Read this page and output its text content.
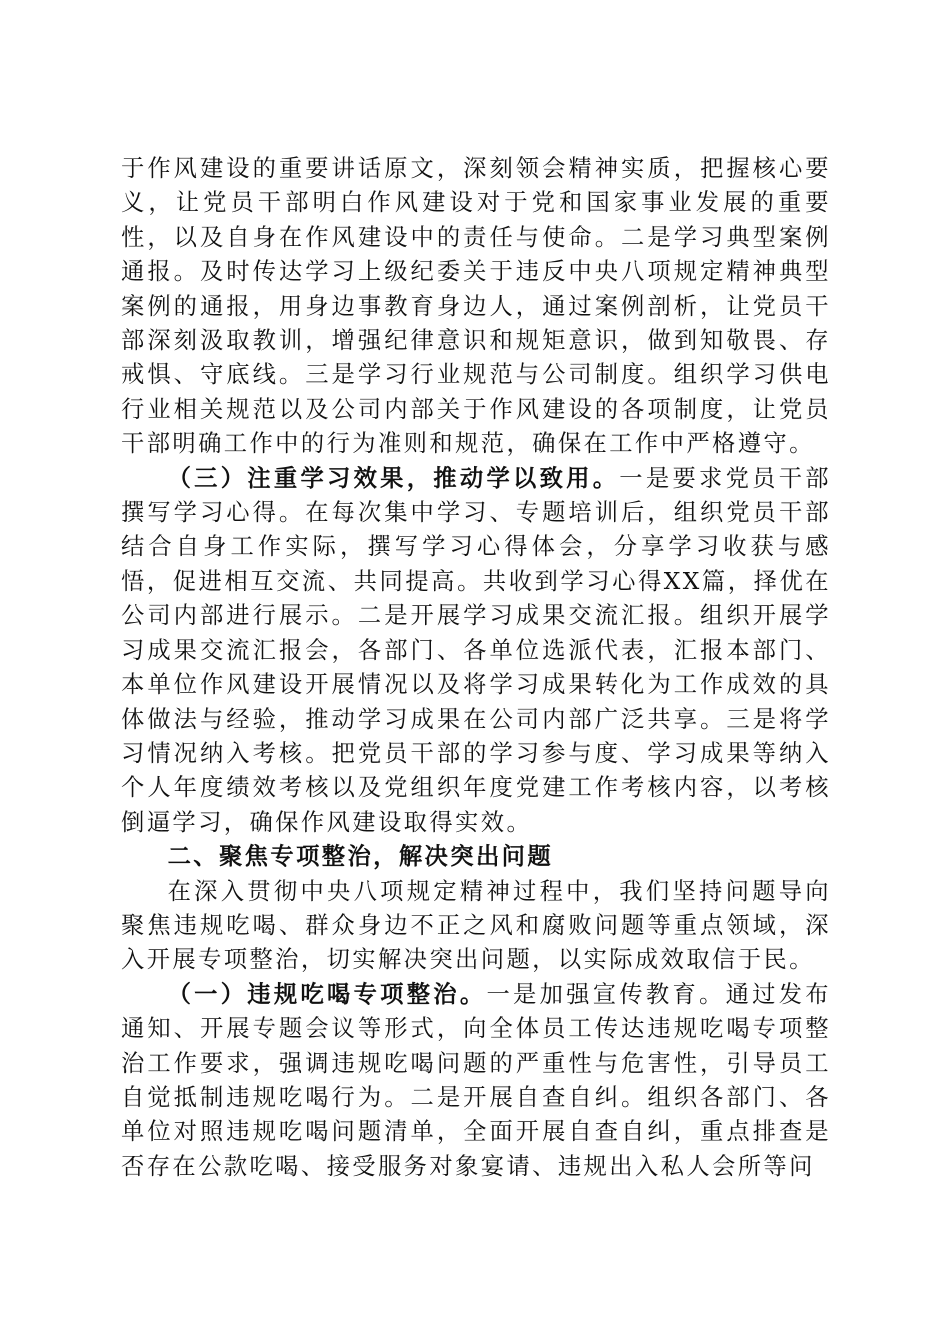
于作风建设的重要讲话原文，深刻领会精神实质，把握核心要义，让党员干部明白作风建设对于党和国家事业发展的重要性，以及自身在作风建设中的责任与使命。二是学习典型案例通报。及时传达学习上级纪委关于违反中央八项规定精神典型案例的通报，用身边事教育身边人，通过案例剖析，让党员干部深刻汲取教训，增强纪律意识和规矩意识，做到知敬畏、存戒惧、守底线。三是学习行业规范与公司制度。组织学习供电行业相关规范以及公司内部关于作风建设的各项制度，让党员干部明确工作中的行为准则和规范，确保在工作中严格遵守。

（三）注重学习效果，推动学以致用。一是要求党员干部撰写学习心得。在每次集中学习、专题培训后，组织党员干部结合自身工作实际，撰写学习心得体会，分享学习收获与感悟，促进相互交流、共同提高。共收到学习心得XX篇，择优在公司内部进行展示。二是开展学习成果交流汇报。组织开展学习成果交流汇报会，各部门、各单位选派代表，汇报本部门、本单位作风建设开展情况以及将学习成果转化为工作成效的具体做法与经验，推动学习成果在公司内部广泛共享。三是将学习情况纳入考核。把党员干部的学习参与度、学习成果等纳入个人年度绩效考核以及党组织年度党建工作考核内容，以考核倒逼学习，确保作风建设取得实效。

二、聚焦专项整治，解决突出问题

在深入贯彻中央八项规定精神过程中，我们坚持问题导向聚焦违规吃喝、群众身边不正之风和腐败问题等重点领域，深入开展专项整治，切实解决突出问题，以实际成效取信于民。

（一）违规吃喝专项整治。一是加强宣传教育。通过发布通知、开展专题会议等形式，向全体员工传达违规吃喝专项整治工作要求，强调违规吃喝问题的严重性与危害性，引导员工自觉抵制违规吃喝行为。二是开展自查自纠。组织各部门、各单位对照违规吃喝问题清单，全面开展自查自纠，重点排查是否存在公款吃喝、接受服务对象宴请、违规出入私人会所等问
